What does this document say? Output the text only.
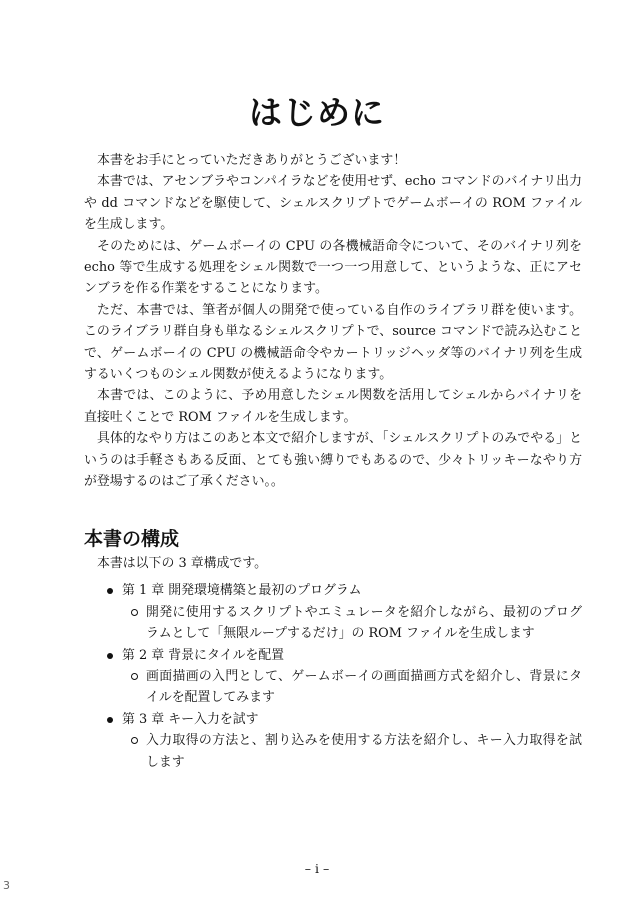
はじめに

本書をお手にとっていただきありがとうございます！

本書では、アセンブラやコンパイラなどを使用せず、echo コマンドのバイナリ出力や dd コマンドなどを駆使して、シェルスクリプトでゲームボーイの ROM ファイルを生成します。

そのためには、ゲームボーイの CPU の各機械語命令について、そのバイナリ列を echo 等で生成する処理をシェル関数で一つ一つ用意して、というような、正にアセンブラを作る作業をすることになります。

ただ、本書では、筆者が個人の開発で使っている自作のライブラリ群を使います。このライブラリ群自身も単なるシェルスクリプトで、source コマンドで読み込むことで、ゲームボーイの CPU の機械語命令やカートリッジヘッダ等のバイナリ列を生成するいくつものシェル関数が使えるようになります。

本書では、このように、予め用意したシェル関数を活用してシェルからバイナリを直接吐くことで ROM ファイルを生成します。

具体的なやり方はこのあと本文で紹介しますが、「シェルスクリプトのみでやる」というのは手軽さもある反面、とても強い縛りでもあるので、少々トリッキーなやり方が登場するのはご了承ください。。

本書の構成

本書は以下の 3 章構成です。

第 1 章 開発環境構築と最初のプログラム
開発に使用するスクリプトやエミュレータを紹介しながら、最初のプログラムとして「無限ループするだけ」の ROM ファイルを生成します
第 2 章 背景にタイルを配置
画面描画の入門として、ゲームボーイの画面描画方式を紹介し、背景にタイルを配置してみます
第 3 章 キー入力を試す
入力取得の方法と、割り込みを使用する方法を紹介し、キー入力取得を試します
– i –
3
